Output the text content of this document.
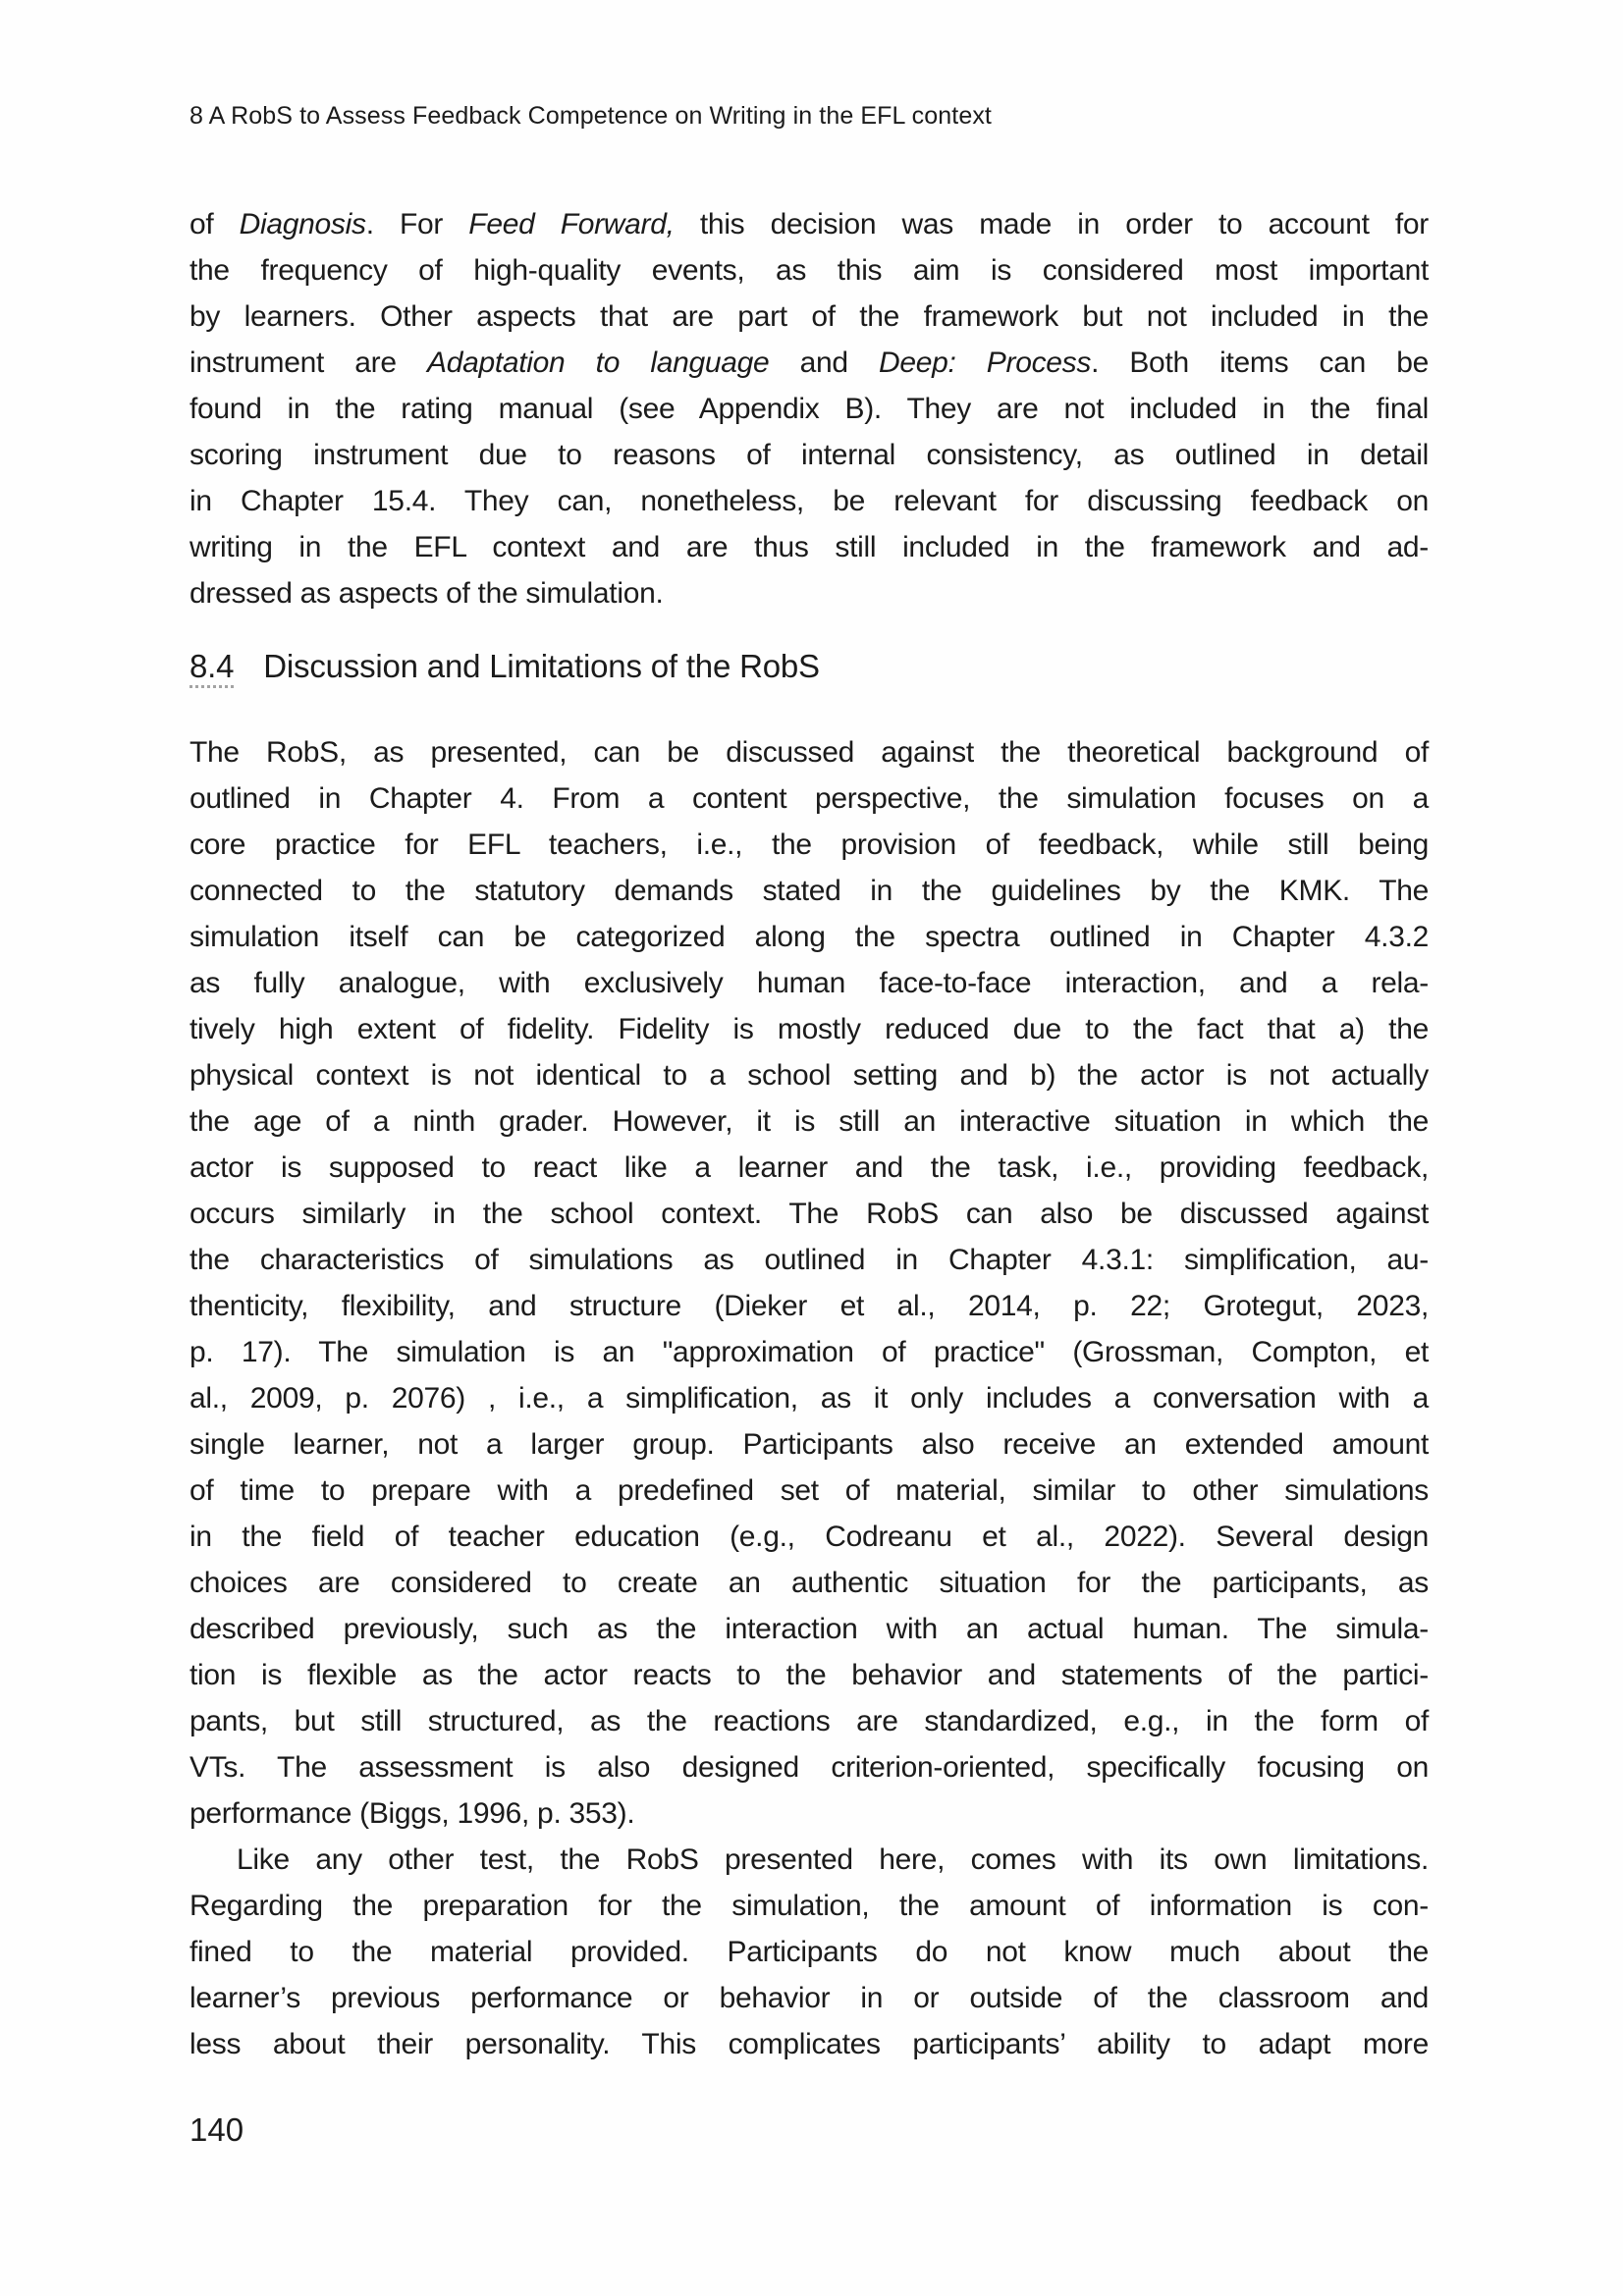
8 A RobS to Assess Feedback Competence on Writing in the EFL context
of Diagnosis. For Feed Forward, this decision was made in order to account for
the frequency of high-quality events, as this aim is considered most important
by learners. Other aspects that are part of the framework but not included in the
instrument are Adaptation to language and Deep: Process. Both items can be
found in the rating manual (see Appendix B). They are not included in the final
scoring instrument due to reasons of internal consistency, as outlined in detail
in Chapter 15.4. They can, nonetheless, be relevant for discussing feedback on
writing in the EFL context and are thus still included in the framework and ad-
dressed as aspects of the simulation.
8.4 Discussion and Limitations of the RobS
The RobS, as presented, can be discussed against the theoretical background of
outlined in Chapter 4. From a content perspective, the simulation focuses on a
core practice for EFL teachers, i.e., the provision of feedback, while still being
connected to the statutory demands stated in the guidelines by the KMK. The
simulation itself can be categorized along the spectra outlined in Chapter 4.3.2
as fully analogue, with exclusively human face-to-face interaction, and a rela-
tively high extent of fidelity. Fidelity is mostly reduced due to the fact that a) the
physical context is not identical to a school setting and b) the actor is not actually
the age of a ninth grader. However, it is still an interactive situation in which the
actor is supposed to react like a learner and the task, i.e., providing feedback,
occurs similarly in the school context. The RobS can also be discussed against
the characteristics of simulations as outlined in Chapter 4.3.1: simplification, au-
thenticity, flexibility, and structure (Dieker et al., 2014, p. 22; Grotegut, 2023,
p. 17). The simulation is an "approximation of practice" (Grossman, Compton, et
al., 2009, p. 2076) , i.e., a simplification, as it only includes a conversation with a
single learner, not a larger group. Participants also receive an extended amount
of time to prepare with a predefined set of material, similar to other simulations
in the field of teacher education (e.g., Codreanu et al., 2022). Several design
choices are considered to create an authentic situation for the participants, as
described previously, such as the interaction with an actual human. The simula-
tion is flexible as the actor reacts to the behavior and statements of the partici-
pants, but still structured, as the reactions are standardized, e.g., in the form of
VTs. The assessment is also designed criterion-oriented, specifically focusing on
performance (Biggs, 1996, p. 353).
Like any other test, the RobS presented here, comes with its own limitations.
Regarding the preparation for the simulation, the amount of information is con-
fined to the material provided. Participants do not know much about the
learner’s previous performance or behavior in or outside of the classroom and
less about their personality. This complicates participants’ ability to adapt more
140
